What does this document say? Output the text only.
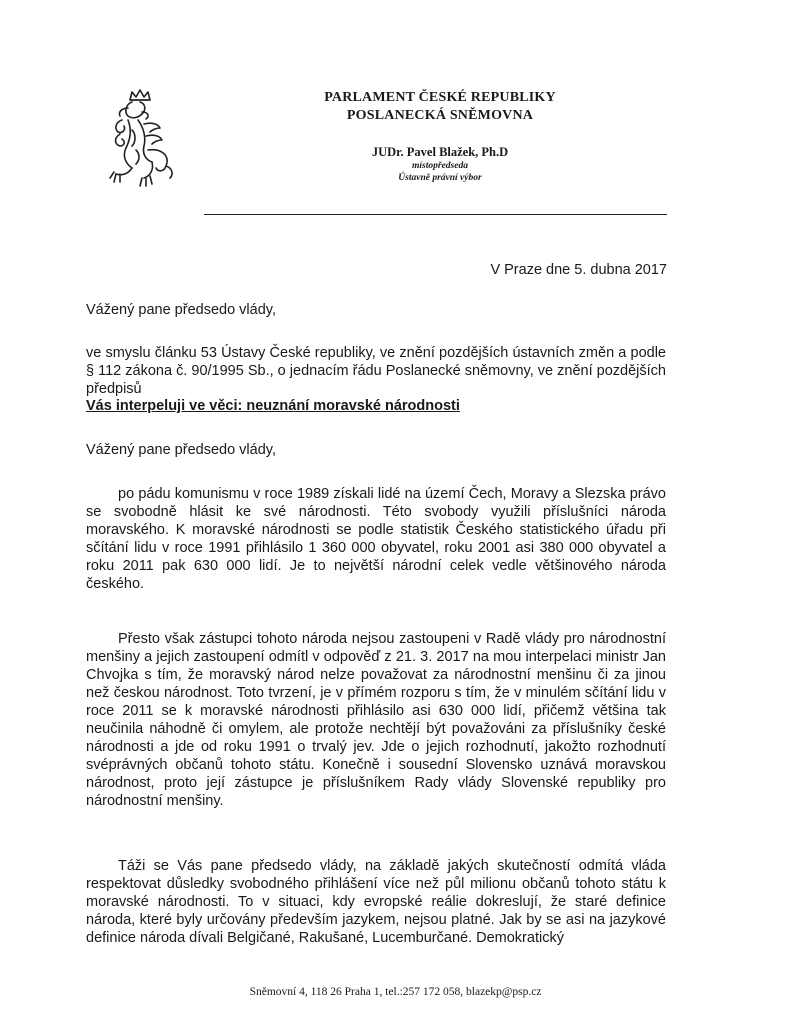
PARLAMENT ČESKÉ REPUBLIKY
POSLANECKÁ SNĚMOVNA
JUDr. Pavel Blažek, Ph.D
místopředseda
Ústavně právní výbor
V Praze dne 5. dubna 2017
Vážený pane předsedo vlády,
ve smyslu článku 53 Ústavy České republiky, ve znění pozdějších ústavních změn a podle § 112 zákona č. 90/1995 Sb., o jednacím řádu Poslanecké sněmovny, ve znění pozdějších předpisů
Vás interpeluji ve věci: neuznání moravské národnosti
Vážený pane předsedo vlády,

po pádu komunismu v roce 1989 získali lidé na území Čech, Moravy a Slezska právo se svobodně hlásit ke své národnosti. Této svobody využili příslušníci národa moravského. K moravské národnosti se podle statistik Českého statistického úřadu při sčítání lidu v roce 1991 přihlásilo 1 360 000 obyvatel, roku 2001 asi 380 000 obyvatel a roku 2011 pak 630 000 lidí. Je to největší národní celek vedle většinového národa českého.

Přesto však zástupci tohoto národa nejsou zastoupeni v Radě vlády pro národnostní menšiny a jejich zastoupení odmítl v odpověď z 21. 3. 2017 na mou interpelaci ministr Jan Chvojka s tím, že moravský národ nelze považovat za národnostní menšinu či za jinou než českou národnost. Toto tvrzení, je v přímém rozporu s tím, že v minulém sčítání lidu v roce 2011 se k moravské národnosti přihlásilo asi 630 000 lidí, přičemž většina tak neučinila náhodně či omylem, ale protože nechtějí být považováni za příslušníky české národnosti a jde od roku 1991 o trvalý jev. Jde o jejich rozhodnutí, jakožto rozhodnutí svéprávných občanů tohoto státu. Konečně i sousední Slovensko uznává moravskou národnost, proto její zástupce je příslušníkem Rady vlády Slovenské republiky pro národnostní menšiny.

Táži se Vás pane předsedo vlády, na základě jakých skutečností odmítá vláda respektovat důsledky svobodného přihlášení více než půl milionu občanů tohoto státu k moravské národnosti. To v situaci, kdy evropské reálie dokreslují, že staré definice národa, které byly určovány především jazykem, nejsou platné. Jak by se asi na jazykové definice národa dívali Belgičané, Rakušané, Lucemburčané. Demokratický

Sněmovní 4, 118 26 Praha 1, tel.:257 172 058, blazekp@psp.cz
